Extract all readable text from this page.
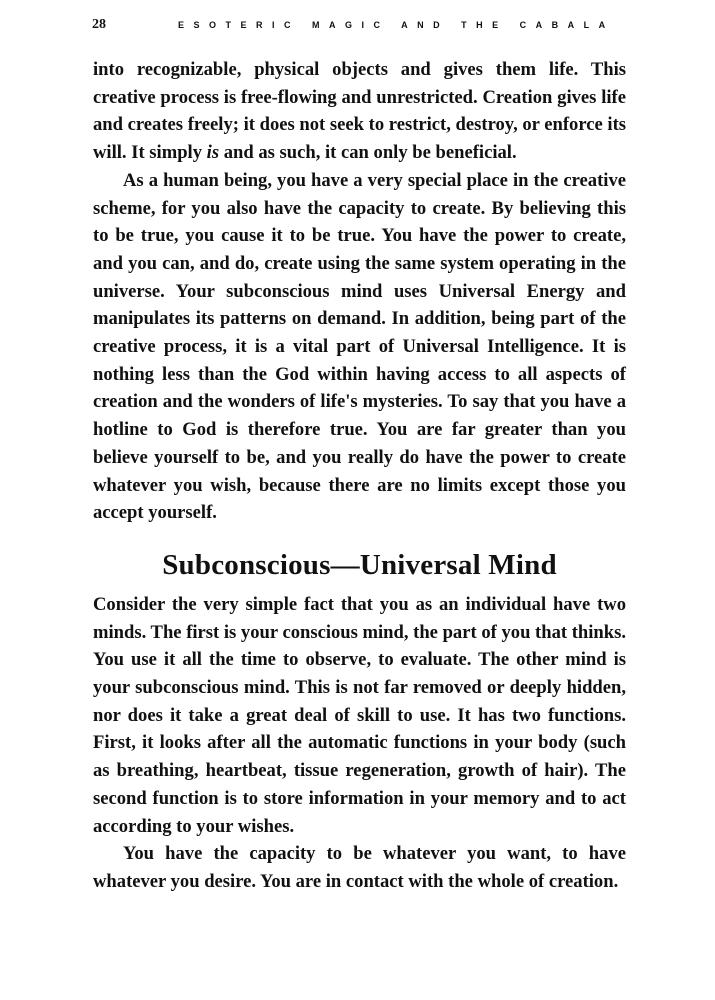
28	ESOTERIC MAGIC AND THE CABALA

into recognizable, physical objects and gives them life. This creative process is free-flowing and unrestricted. Creation gives life and creates freely; it does not seek to restrict, destroy, or enforce its will. It simply is and as such, it can only be beneficial.

As a human being, you have a very special place in the creative scheme, for you also have the capacity to create. By believing this to be true, you cause it to be true. You have the power to create, and you can, and do, create using the same system operating in the universe. Your subconscious mind uses Universal Energy and manipulates its patterns on demand. In addition, being part of the creative process, it is a vital part of Universal Intelligence. It is nothing less than the God within having access to all aspects of creation and the wonders of life's mysteries. To say that you have a hotline to God is therefore true. You are far greater than you believe yourself to be, and you really do have the power to create whatever you wish, because there are no limits except those you accept yourself.

Subconscious—Universal Mind

Consider the very simple fact that you as an individual have two minds. The first is your conscious mind, the part of you that thinks. You use it all the time to observe, to evaluate. The other mind is your subconscious mind. This is not far removed or deeply hidden, nor does it take a great deal of skill to use. It has two functions. First, it looks after all the automatic functions in your body (such as breathing, heartbeat, tissue regeneration, growth of hair). The second function is to store information in your memory and to act according to your wishes.

You have the capacity to be whatever you want, to have whatever you desire. You are in contact with the whole of creation.
